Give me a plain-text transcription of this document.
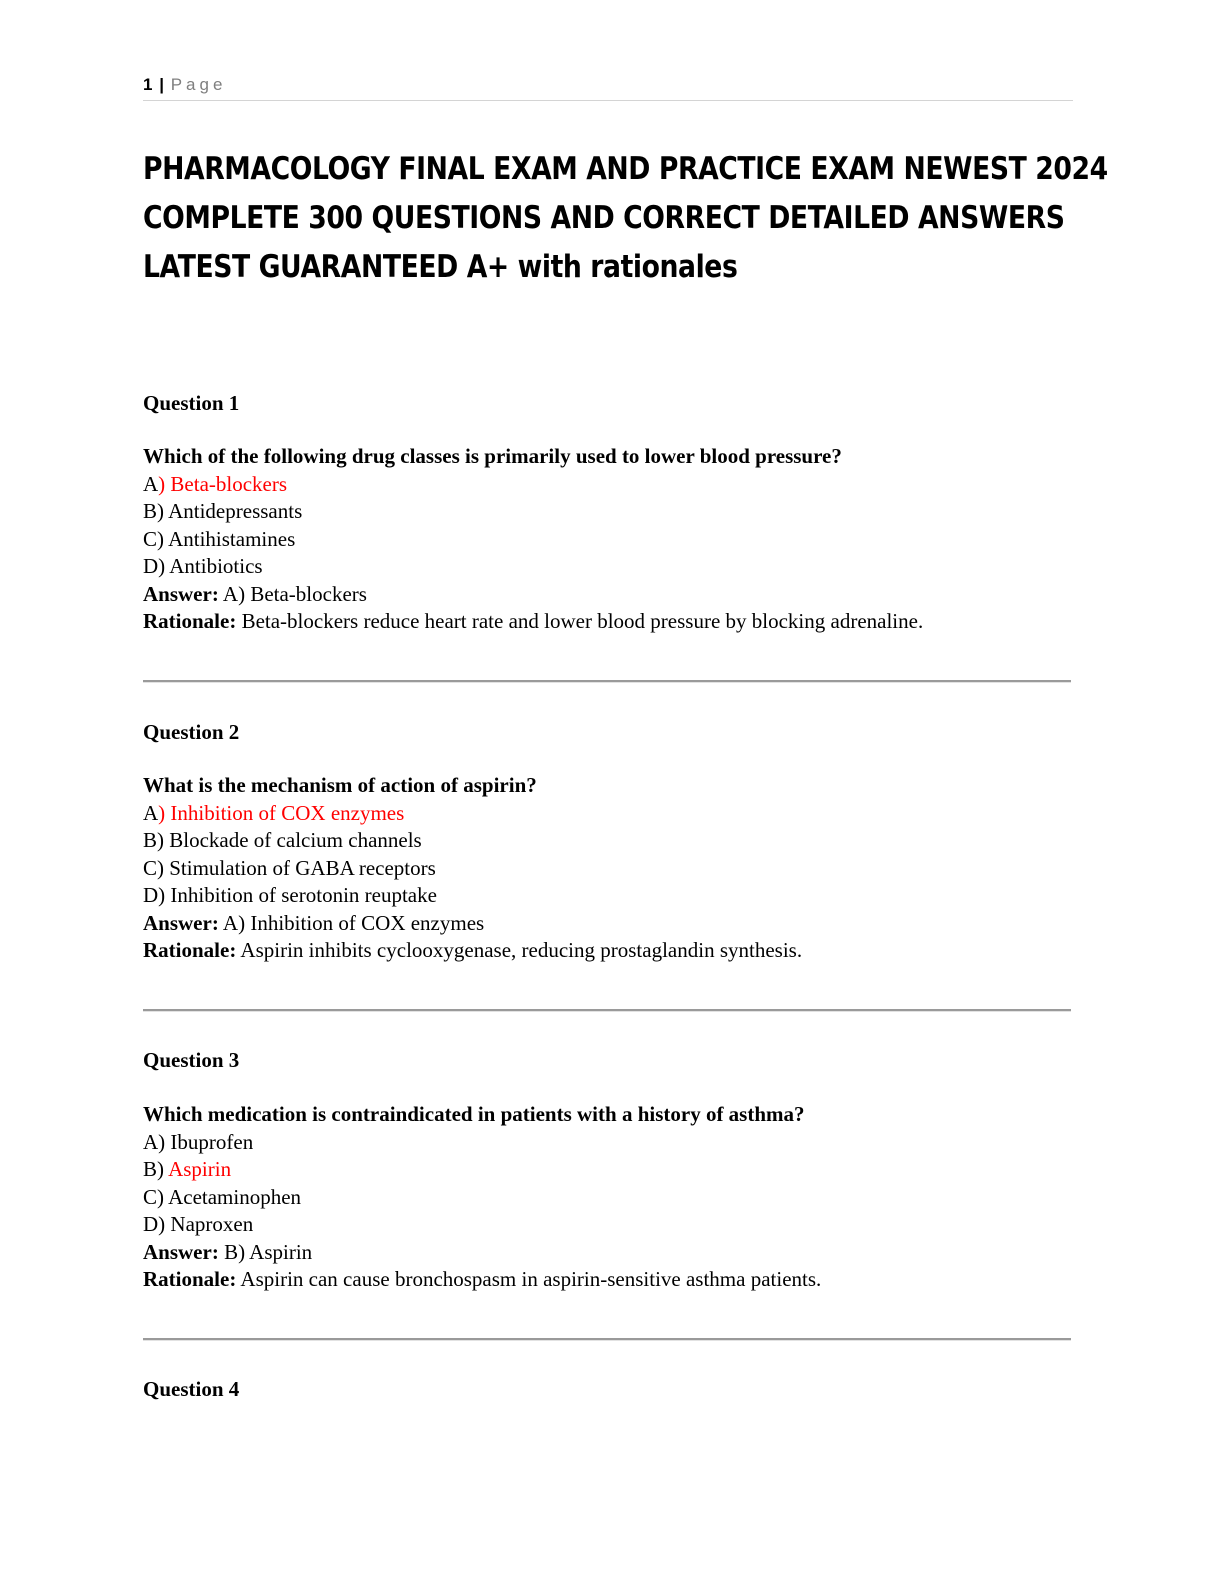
1 | Page
PHARMACOLOGY FINAL EXAM AND PRACTICE EXAM NEWEST 2024
COMPLETE 300 QUESTIONS AND CORRECT DETAILED ANSWERS
LATEST GUARANTEED A+ with rationales
Question 1
Which of the following drug classes is primarily used to lower blood pressure?
A) Beta-blockers
B) Antidepressants
C) Antihistamines
D) Antibiotics
Answer: A) Beta-blockers
Rationale: Beta-blockers reduce heart rate and lower blood pressure by blocking adrenaline.
Question 2
What is the mechanism of action of aspirin?
A) Inhibition of COX enzymes
B) Blockade of calcium channels
C) Stimulation of GABA receptors
D) Inhibition of serotonin reuptake
Answer: A) Inhibition of COX enzymes
Rationale: Aspirin inhibits cyclooxygenase, reducing prostaglandin synthesis.
Question 3
Which medication is contraindicated in patients with a history of asthma?
A) Ibuprofen
B) Aspirin
C) Acetaminophen
D) Naproxen
Answer: B) Aspirin
Rationale: Aspirin can cause bronchospasm in aspirin-sensitive asthma patients.
Question 4
